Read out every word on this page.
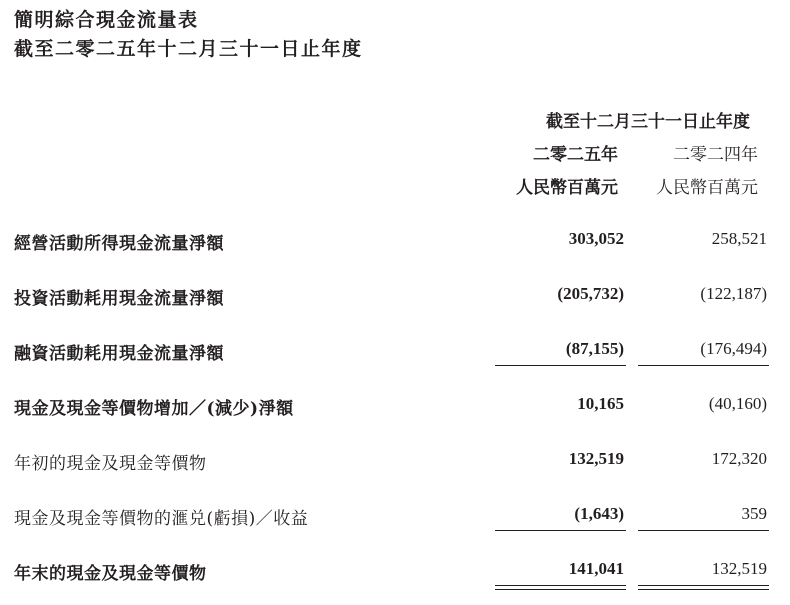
簡明綜合現金流量表
截至二零二五年十二月三十一日止年度
截至十二月三十一日止年度
二零二五年	二零二四年
人民幣百萬元	人民幣百萬元
經營活動所得現金流量淨額	303,052	258,521
投資活動耗用現金流量淨額	(205,732)	(122,187)
融資活動耗用現金流量淨額	(87,155)	(176,494)
現金及現金等價物增加／(減少)淨額	10,165	(40,160)
年初的現金及現金等價物	132,519	172,320
現金及現金等價物的滙兑(虧損)／收益	(1,643)	359
年末的現金及現金等價物	141,041	132,519
